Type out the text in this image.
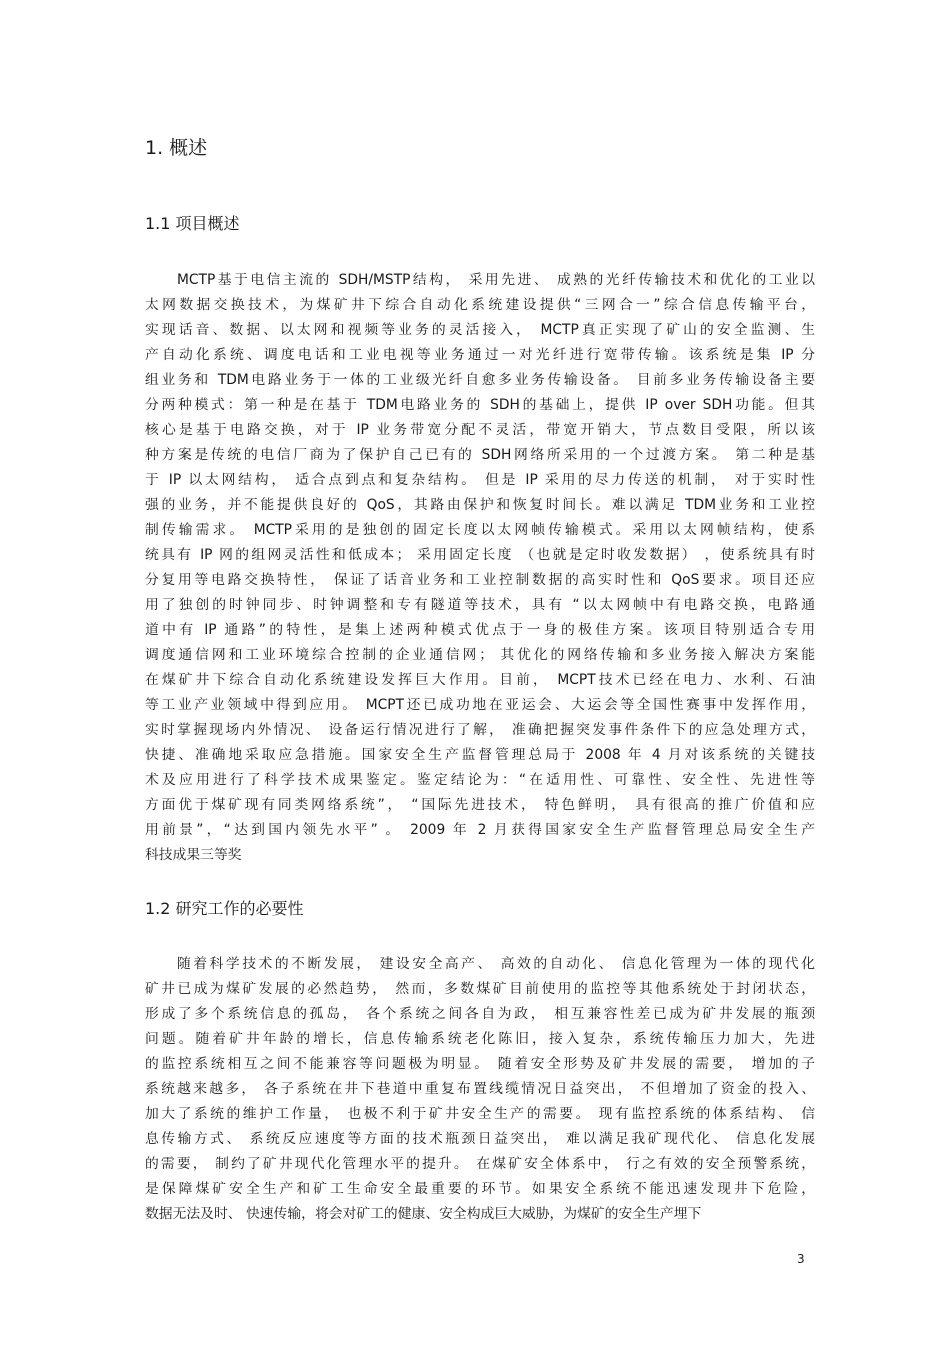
1. 概述
1.1 项目概述
MCTP基于电信主流的 SDH/MSTP结构， 采用先进、 成熟的光纤传输技术和优化的工业以
太网数据交换技术，为煤矿井下综合自动化系统建设提供“三网合一”综合信息传输平台，
实现话音、数据、以太网和视频等业务的灵活接入， MCTP真正实现了矿山的安全监测、生
产自动化系统、调度电话和工业电视等业务通过一对光纤进行宽带传输。该系统是集 IP 分
组业务和 TDM电路业务于一体的工业级光纤自愈多业务传输设备。 目前多业务传输设备主要
分两种模式：第一种是在基于 TDM电路业务的 SDH的基础上，提供 IP over SDH功能。但其
核心是基于电路交换，对于 IP 业务带宽分配不灵活，带宽开销大，节点数目受限，所以该
种方案是传统的电信厂商为了保护自己已有的 SDH网络所采用的一个过渡方案。 第二种是基
于 IP 以太网结构， 适合点到点和复杂结构。 但是 IP 采用的尽力传送的机制， 对于实时性
强的业务，并不能提供良好的 QoS，其路由保护和恢复时间长。难以满足 TDM业务和工业控
制传输需求。 MCTP采用的是独创的固定长度以太网帧传输模式。采用以太网帧结构，使系
统具有 IP 网的组网灵活性和低成本； 采用固定长度 （也就是定时收发数据） ，使系统具有时
分复用等电路交换特性， 保证了话音业务和工业控制数据的高实时性和 QoS要求。项目还应
用了独创的时钟同步、时钟调整和专有隧道等技术，具有 “以太网帧中有电路交换，电路通
道中有 IP 通路”的特性，是集上述两种模式优点于一身的极佳方案。该项目特别适合专用
调度通信网和工业环境综合控制的企业通信网； 其优化的网络传输和多业务接入解决方案能
在煤矿井下综合自动化系统建设发挥巨大作用。目前， MCPT技术已经在电力、水利、石油
等工业产业领域中得到应用。 MCPT还已成功地在亚运会、大运会等全国性赛事中发挥作用，
实时掌握现场内外情况、 设备运行情况进行了解， 准确把握突发事件条件下的应急处理方式，
快捷、准确地采取应急措施。国家安全生产监督管理总局于 2008 年 4 月对该系统的关键技
术及应用进行了科学技术成果鉴定。鉴定结论为：“在适用性、可靠性、安全性、先进性等
方面优于煤矿现有同类网络系统”， “国际先进技术， 特色鲜明， 具有很高的推广价值和应
用前景”，“达到国内领先水平” 。 2009 年 2 月获得国家安全生产监督管理总局安全生产
科技成果三等奖
1.2 研究工作的必要性
随着科学技术的不断发展， 建设安全高产、 高效的自动化、 信息化管理为一体的现代化
矿井已成为煤矿发展的必然趋势， 然而，多数煤矿目前使用的监控等其他系统处于封闭状态，
形成了多个系统信息的孤岛， 各个系统之间各自为政， 相互兼容性差已成为矿井发展的瓶颈
问题。随着矿井年龄的增长，信息传输系统老化陈旧，接入复杂，系统传输压力加大，先进
的监控系统相互之间不能兼容等问题极为明显。 随着安全形势及矿井发展的需要， 增加的子
系统越来越多， 各子系统在井下巷道中重复布置线缆情况日益突出， 不但增加了资金的投入、
加大了系统的维护工作量， 也极不利于矿井安全生产的需要。 现有监控系统的体系结构、 信
息传输方式、 系统反应速度等方面的技术瓶颈日益突出， 难以满足我矿现代化、 信息化发展
的需要， 制约了矿井现代化管理水平的提升。 在煤矿安全体系中， 行之有效的安全预警系统，
是保障煤矿安全生产和矿工生命安全最重要的环节。如果安全系统不能迅速发现井下危险，
数据无法及时、 快速传输，将会对矿工的健康、安全构成巨大威胁，为煤矿的安全生产埋下
3
